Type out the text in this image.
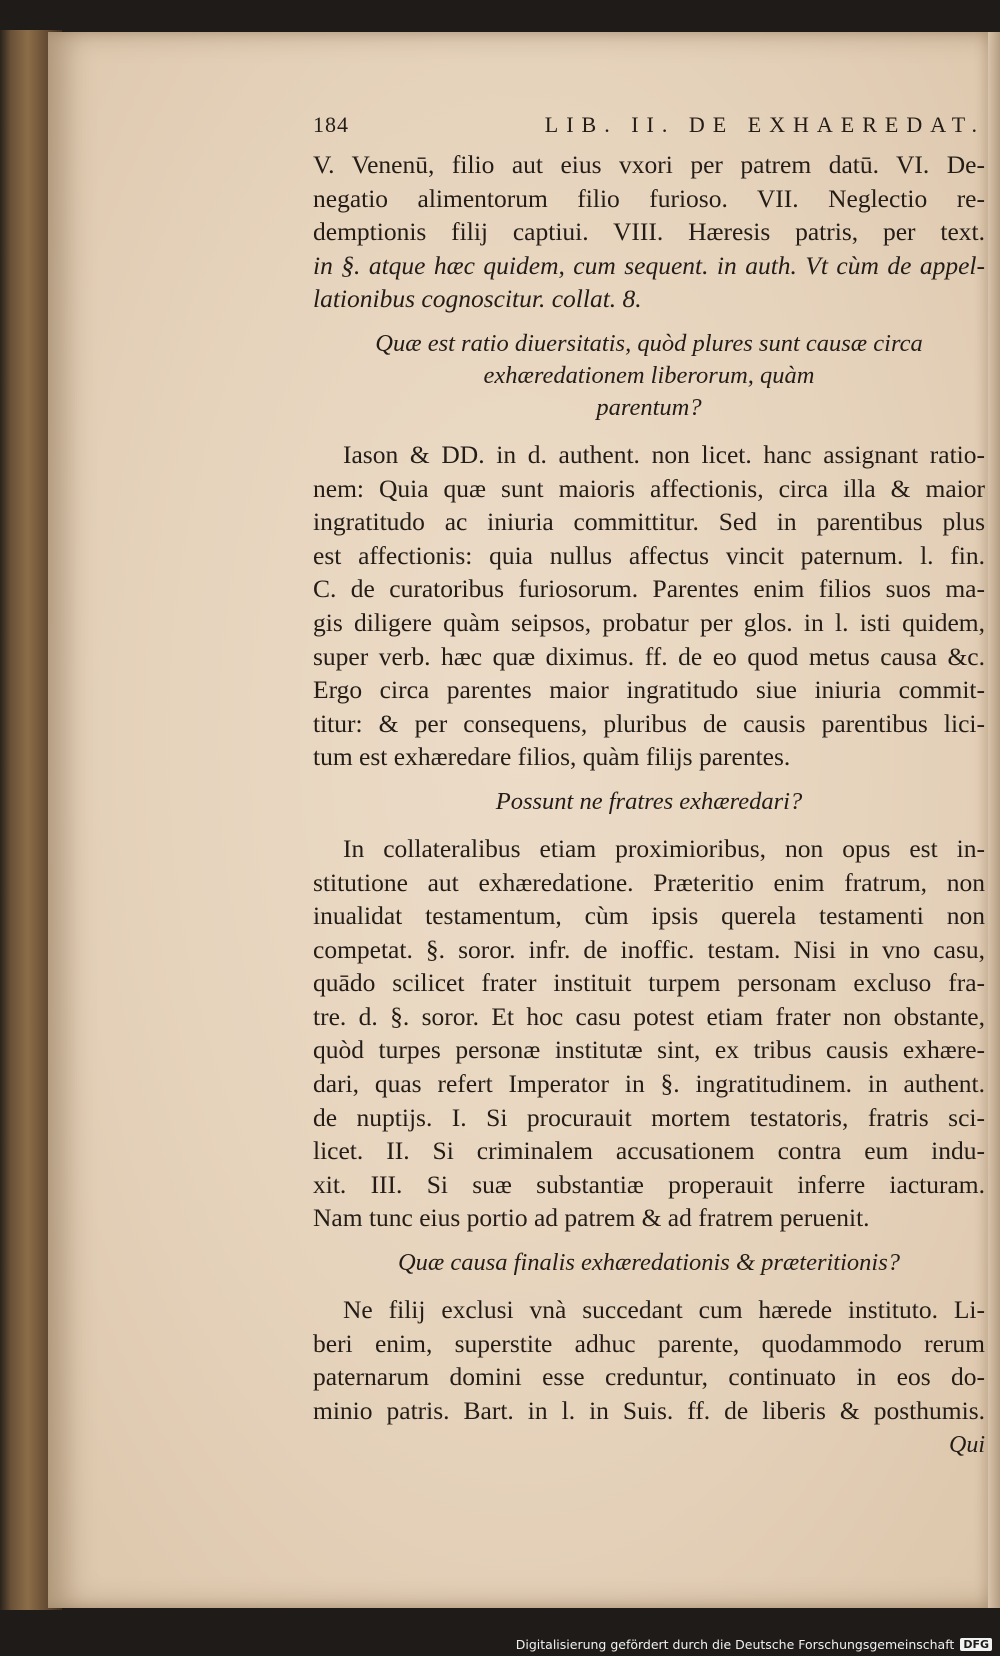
184	LIB. II. DE EXHAEREDAT.
V. Venenū, filio aut eius vxori per patrem datū. VI. De-
negatio alimentorum filio furioso. VII. Neglectio re-
demptionis filij captiui. VIII. Hæresis patris, per text.
in §. atque hæc quidem, cum sequent. in auth. Vt cùm de appel-
lationibus cognoscitur. collat. 8.
Quæ est ratio diuersitatis, quòd plures sunt causæ circa
exhæredationem liberorum, quàm
parentum?
Iason & DD. in d. authent. non licet. hanc assignant ratio-
nem: Quia quæ sunt maioris affectionis, circa illa & maior
ingratitudo ac iniuria committitur. Sed in parentibus plus
est affectionis: quia nullus affectus vincit paternum. l. fin.
C. de curatoribus furiosorum. Parentes enim filios suos ma-
gis diligere quàm seipsos, probatur per glos. in l. isti quidem,
super verb. hæc quæ diximus. ff. de eo quod metus causa &c.
Ergo circa parentes maior ingratitudo siue iniuria commit-
titur: & per consequens, pluribus de causis parentibus lici-
tum est exhæredare filios, quàm filijs parentes.
Possunt ne fratres exhæredari?
In collateralibus etiam proximioribus, non opus est in-
stitutione aut exhæredatione. Præteritio enim fratrum, non
inualidat testamentum, cùm ipsis querela testamenti non
competat. §. soror. infr. de inoffic. testam. Nisi in vno casu,
quādo scilicet frater instituit turpem personam excluso fra-
tre. d. §. soror. Et hoc casu potest etiam frater non obstante,
quòd turpes personæ institutæ sint, ex tribus causis exhære-
dari, quas refert Imperator in §. ingratitudinem. in authent.
de nuptijs. I. Si procurauit mortem testatoris, fratris sci-
licet. II. Si criminalem accusationem contra eum indu-
xit. III. Si suæ substantiæ properauit inferre iacturam.
Nam tunc eius portio ad patrem & ad fratrem peruenit.
Quæ causa finalis exhæredationis & præteritionis?
Ne filij exclusi vnà succedant cum hærede instituto. Li-
beri enim, superstite adhuc parente, quodammodo rerum
paternarum domini esse creduntur, continuato in eos do-
minio patris. Bart. in l. in Suis. ff. de liberis & posthumis.
Qui
Digitalisierung gefördert durch die Deutsche Forschungsgemeinschaft DFG
